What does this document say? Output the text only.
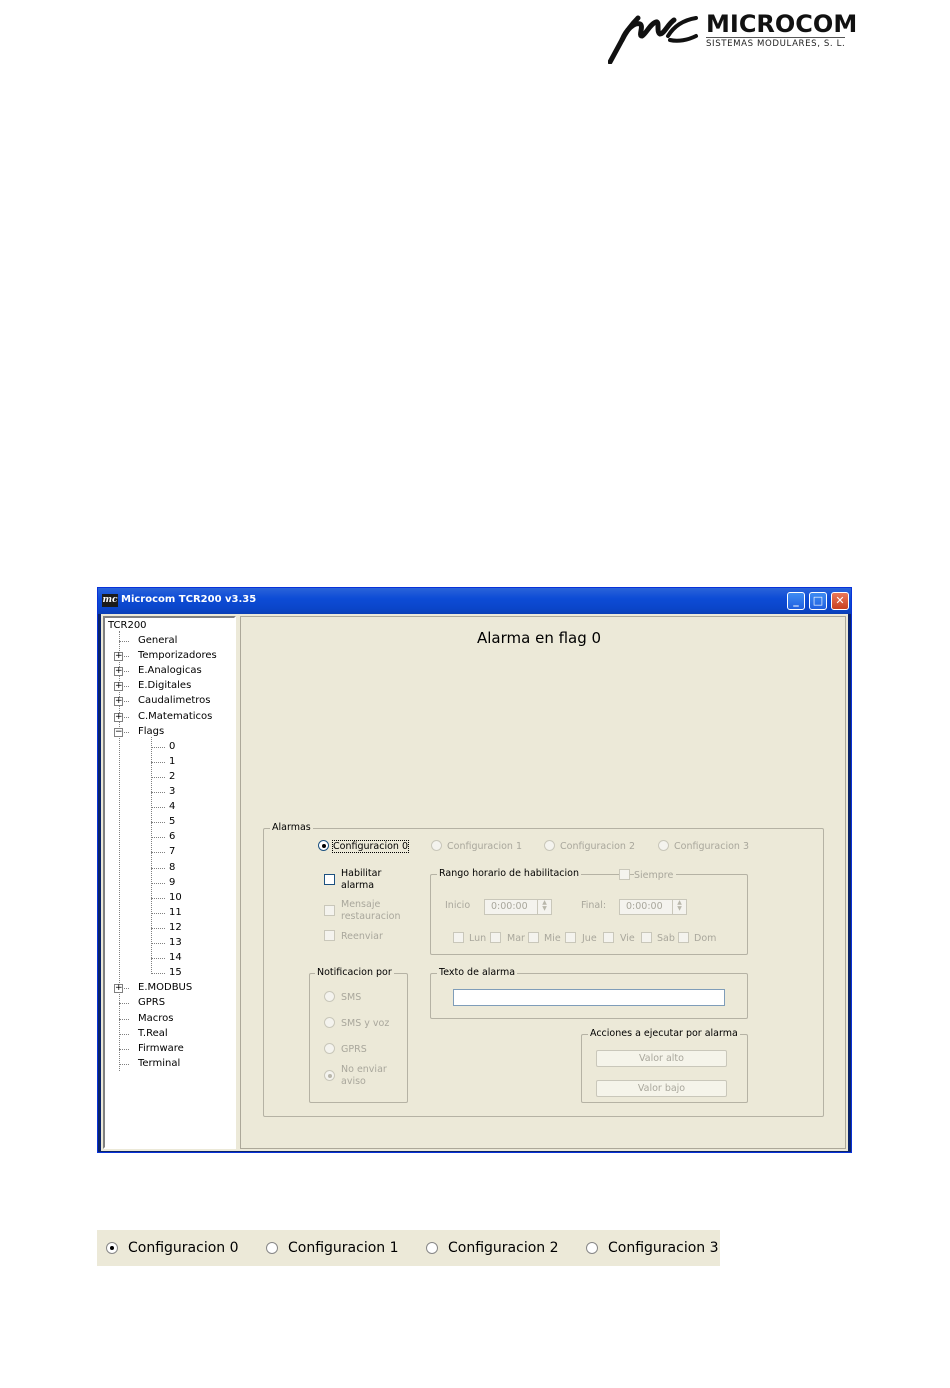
MICROCOM
SISTEMAS MODULARES, S. L.
mc Microcom TCR200 v3.35	_	□	✕
TCR200
General
+ Temporizadores
+ E.Analogicas
+ E.Digitales
+ Caudalimetros
+ C.Matematicos
− Flags
0
1
2
3
4
5
6
7
8
9
10
11
12
13
14
15
+ E.MODBUS
GPRS
Macros
T.Real
Firmware
Terminal
Alarma en flag 0
Alarmas
Configuracion 0	Configuracion 1	Configuracion 2	Configuracion 3
Habilitar
alarma
Mensaje
restauracion
Reenviar
Rango horario de habilitacion	Siempre
Inicio	0:00:00	▲
▼	Final:	0:00:00	▲
▼
Lun Mar Mie Jue Vie Sab Dom
Notificacion por
SMS
SMS y voz
GPRS
No enviar
aviso
Texto de alarma
Acciones a ejecutar por alarma
Valor alto
Valor bajo
Configuracion 0	Configuracion 1	Configuracion 2	Configuracion 3
